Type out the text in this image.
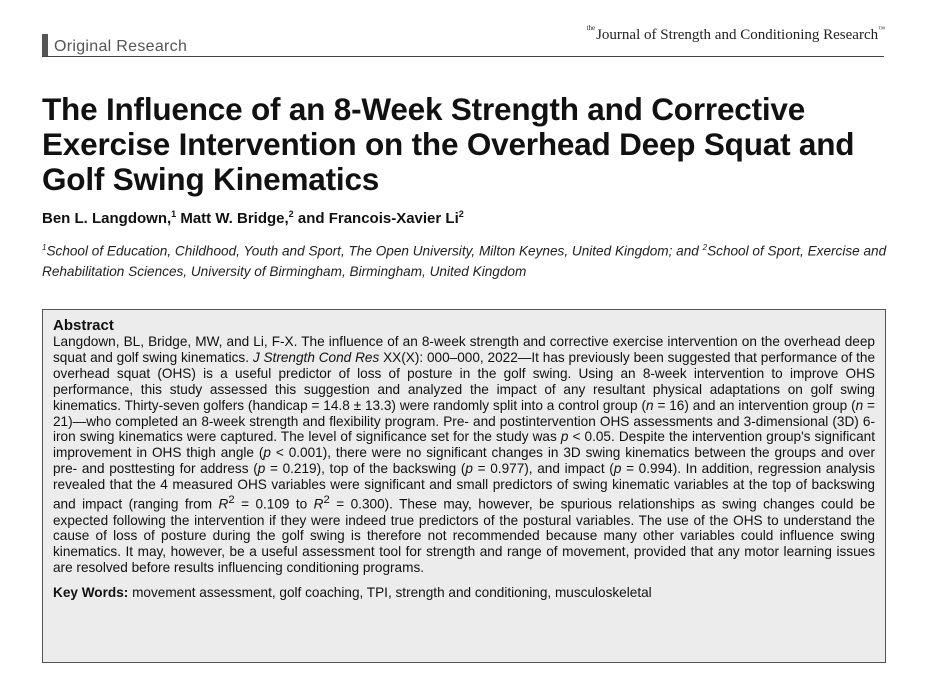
Original Research
$^{the}$Journal of Strength and Conditioning Research™
The Influence of an 8-Week Strength and Corrective Exercise Intervention on the Overhead Deep Squat and Golf Swing Kinematics
Ben L. Langdown,$^1$ Matt W. Bridge,$^2$ and Francois-Xavier Li$^2$
$^1$School of Education, Childhood, Youth and Sport, The Open University, Milton Keynes, United Kingdom; and $^2$School of Sport, Exercise and Rehabilitation Sciences, University of Birmingham, Birmingham, United Kingdom

Abstract

Langdown, BL, Bridge, MW, and Li, F-X. The influence of an 8-week strength and corrective exercise intervention on the overhead deep squat and golf swing kinematics. J Strength Cond Res XX(X): 000–000, 2022—It has previously been suggested that performance of the overhead squat (OHS) is a useful predictor of loss of posture in the golf swing. Using an 8-week intervention to improve OHS performance, this study assessed this suggestion and analyzed the impact of any resultant physical adaptations on golf swing kinematics. Thirty-seven golfers (handicap = 14.8 ± 13.3) were randomly split into a control group (n = 16) and an intervention group (n = 21)—who completed an 8-week strength and flexibility program. Pre- and postintervention OHS assessments and 3-dimensional (3D) 6-iron swing kinematics were captured. The level of significance set for the study was p < 0.05. Despite the intervention group's significant improvement in OHS thigh angle (p < 0.001), there were no significant changes in 3D swing kinematics between the groups and over pre- and posttesting for address (p = 0.219), top of the backswing (p = 0.977), and impact (p = 0.994). In addition, regression analysis revealed that the 4 measured OHS variables were significant and small predictors of swing kinematic variables at the top of backswing and impact (ranging from $R^2 = 0.109$ to $R^2 = 0.300$). These may, however, be spurious relationships as swing changes could be expected following the intervention if they were indeed true predictors of the postural variables. The use of the OHS to understand the cause of loss of posture during the golf swing is therefore not recommended because many other variables could influence swing kinematics. It may, however, be a useful assessment tool for strength and range of movement, provided that any motor learning issues are resolved before results influencing conditioning programs.

Key Words: movement assessment, golf coaching, TPI, strength and conditioning, musculoskeletal
